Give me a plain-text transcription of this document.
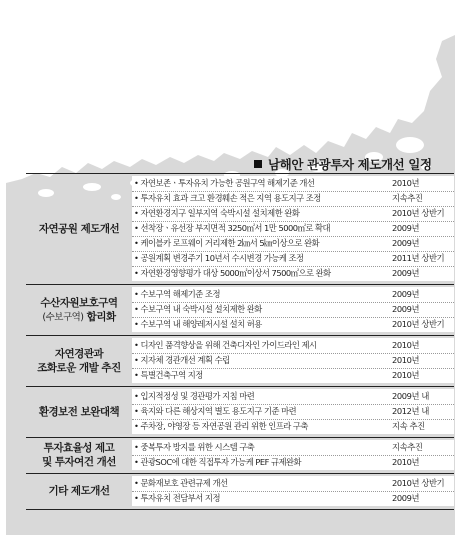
남해안 관광투자 제도개선 일정
자연공원 제도개선
• 자연보존ㆍ투자유치 가능한 공원구역 해제기준 개선	2010년
• 투자유치 효과 크고 환경훼손 적은 지역 용도지구 조정	지속추진
• 자연환경지구 일부지역 숙박시설 설치제한 완화	2010년 상반기
• 선착장ㆍ유선장 부지면적 3250㎡서 1만 5000㎡로 확대	2009년
• 케이블카 로프웨이 거리제한 2㎞서 5㎞이상으로 완화	2009년
• 공원계획 변경주기 10년서 수시변경 가능케 조정	2011년 상반기
• 자연환경영향평가 대상 5000㎡이상서 7500㎡으로 완화	2009년
수산자원보호구역
(수보구역) 합리화
• 수보구역 해제기준 조정	2009년
• 수보구역 내 숙박시설 설치제한 완화	2009년
• 수보구역 내 해양레저시설 설치 허용	2010년 상반기
자연경관과
조화로운 개발 추진
• 디자인 품격향상을 위해 건축디자인 가이드라인 제시	2010년
• 지자체 경관개선 계획 수립	2010년
• 특별건축구역 지정	2010년
환경보전 보완대책
• 입지적정성 및 경관평가 지침 마련	2009년 내
• 육지와 다른 해상지역 별도 용도지구 기준 마련	2012년 내
• 주차장, 야영장 등 자연공원 관리 위한 인프라 구축	지속 추진
투자효율성 제고
및 투자여건 개선
• 중복투자 방지를 위한 시스템 구축	지속추진
• 관광SOC에 대한 직접투자 가능케 PEF 규제완화	2010년
기타 제도개선
• 문화재보호 관련규제 개선	2010년 상반기
• 투자유치 전담부서 지정	2009년
